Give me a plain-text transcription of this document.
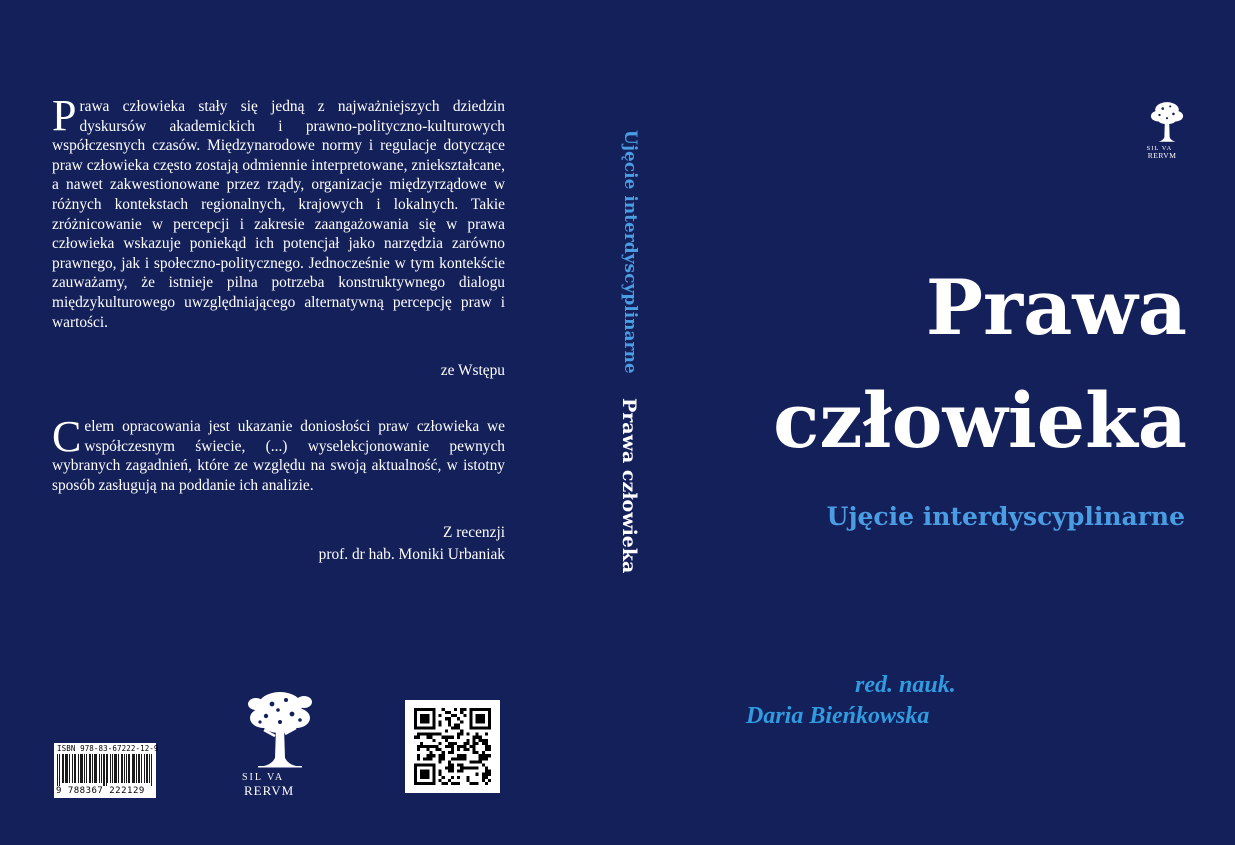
Prawa człowieka stały się jedną z najważniejszych dziedzin dyskursów akademickich i prawno-polityczno-kulturowych współczesnych czasów. Międzynarodowe normy i regulacje dotyczące praw człowieka często zostają odmiennie interpretowane, zniekształcane, a nawet zakwestionowane przez rządy, organizacje międzyrządowe w różnych kontekstach regionalnych, krajowych i lokalnych. Takie zróżnicowanie w percepcji i zakresie zaangażowania się w prawa człowieka wskazuje poniekąd ich potencjał jako narzędzia zarówno prawnego, jak i społeczno-politycznego. Jednocześnie w tym kontekście zauważamy, że istnieje pilna potrzeba konstruktywnego dialogu międzykulturowego uwzględniającego alternatywną percepcję praw i wartości.

ze Wstępu

Celem opracowania jest ukazanie doniosłości praw człowieka we współczesnym świecie, (...) wyselekcjonowanie pewnych wybranych zagadnień, które ze względu na swoją aktualność, w istotny sposób zasługują na poddanie ich analizie.

Z recenzji
prof. dr hab. Moniki Urbaniak
ISBN 978-83-67222-12-9
9 788367 222129
SIL VA
RERVM
Ujęcie interdyscyplinarne
Prawa człowieka
SIL VA
RERVM
Prawa
człowieka
Ujęcie interdyscyplinarne
red. nauk.
Daria Bieńkowska
